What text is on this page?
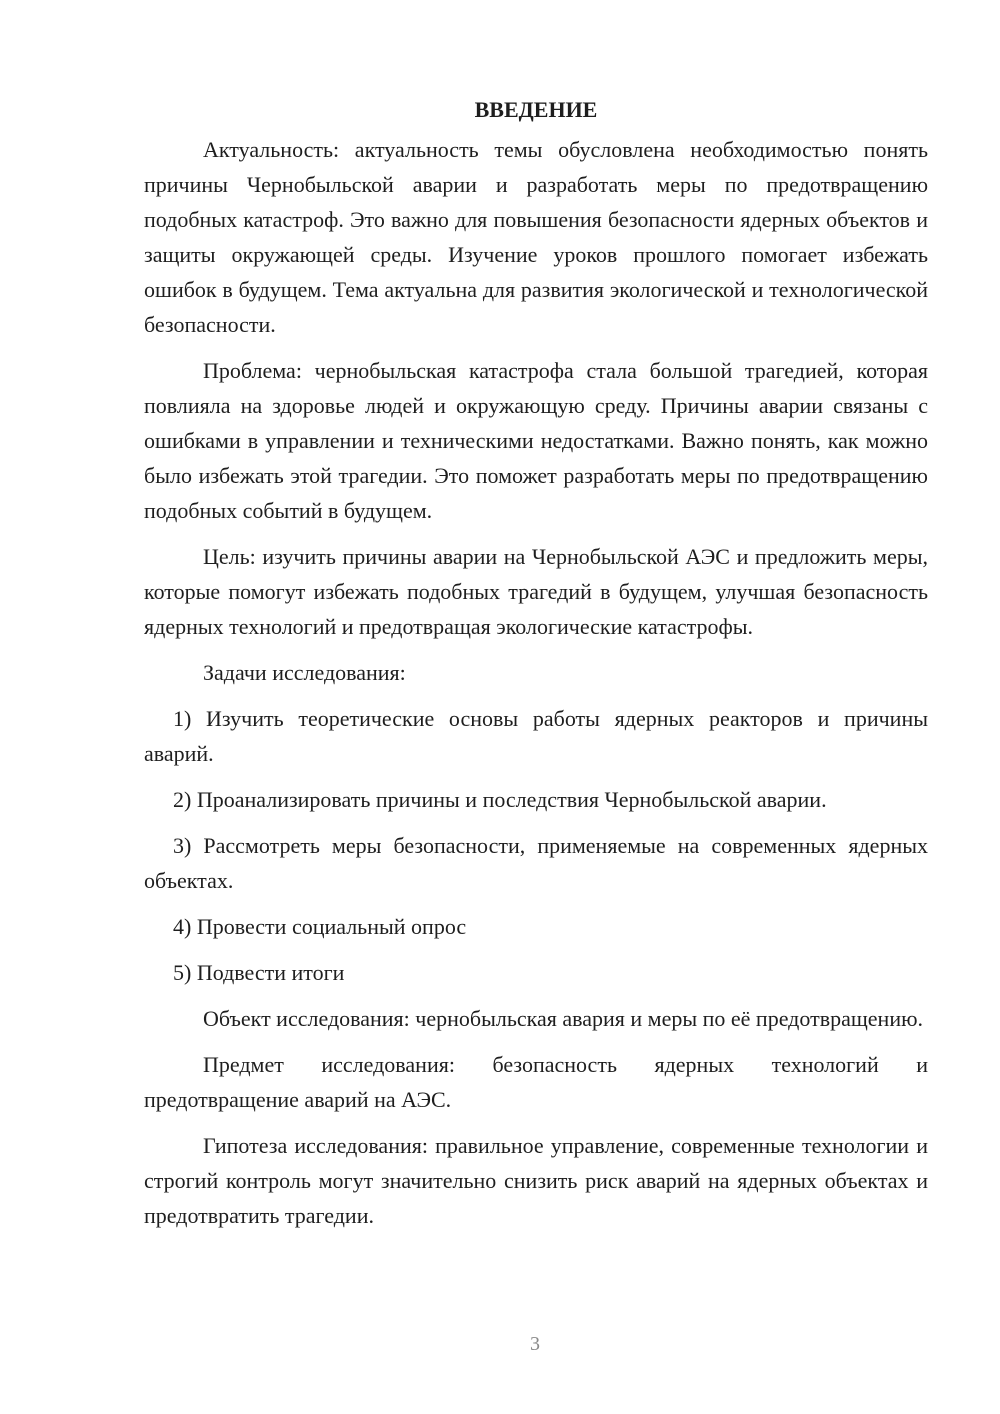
ВВЕДЕНИЕ

Актуальность: актуальность темы обусловлена необходимостью понять причины Чернобыльской аварии и разработать меры по предотвращению подобных катастроф. Это важно для повышения безопасности ядерных объектов и защиты окружающей среды. Изучение уроков прошлого помогает избежать ошибок в будущем. Тема актуальна для развития экологической и технологической безопасности.

Проблема: чернобыльская катастрофа стала большой трагедией, которая повлияла на здоровье людей и окружающую среду. Причины аварии связаны с ошибками в управлении и техническими недостатками. Важно понять, как можно было избежать этой трагедии. Это поможет разработать меры по предотвращению подобных событий в будущем.

Цель: изучить причины аварии на Чернобыльской АЭС и предложить меры, которые помогут избежать подобных трагедий в будущем, улучшая безопасность ядерных технологий и предотвращая экологические катастрофы.

Задачи исследования:

1) Изучить теоретические основы работы ядерных реакторов и причины аварий.

2) Проанализировать причины и последствия Чернобыльской аварии.

3) Рассмотреть меры безопасности, применяемые на современных ядерных объектах.

4) Провести социальный опрос

5) Подвести итоги

Объект исследования: чернобыльская авария и меры по её предотвращению.

Предмет исследования: безопасность ядерных технологий и предотвращение аварий на АЭС.

Гипотеза исследования: правильное управление, современные технологии и строгий контроль могут значительно снизить риск аварий на ядерных объектах и предотвратить трагедии.

3
